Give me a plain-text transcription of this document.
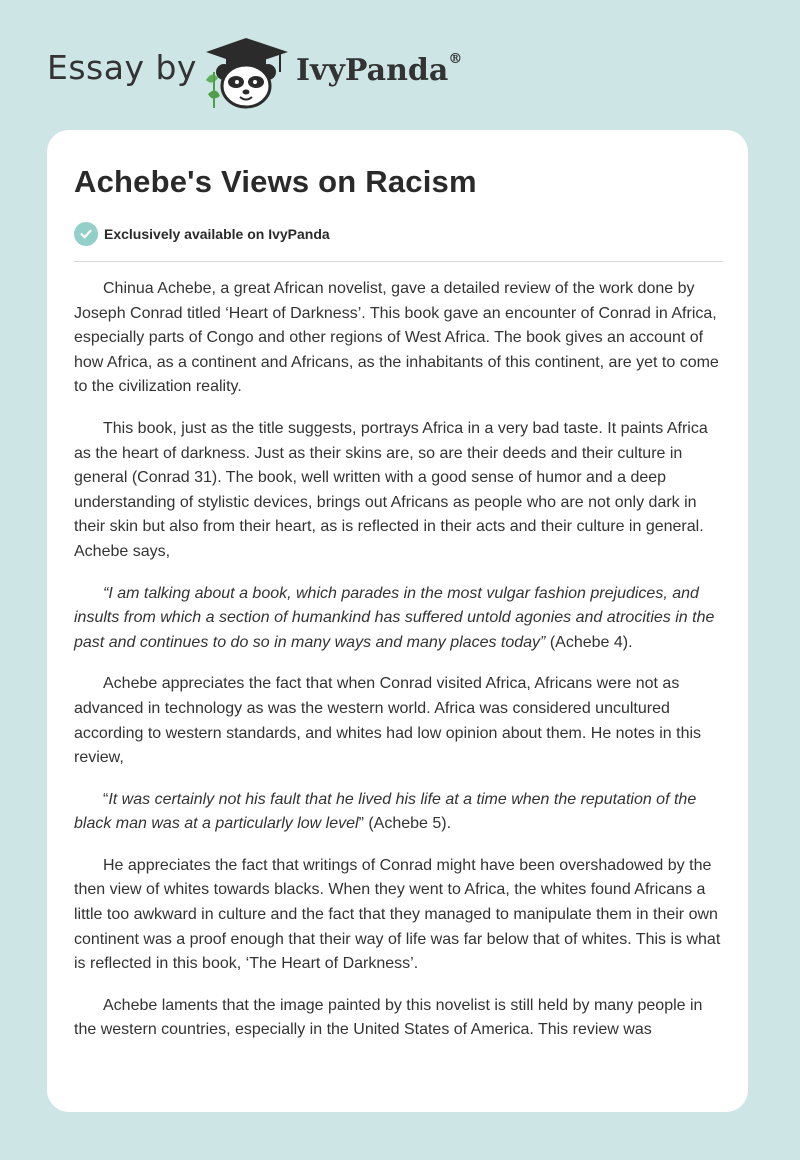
Essay by	IvyPanda®
Achebe's Views on Racism
Exclusively available on IvyPanda

Chinua Achebe, a great African novelist, gave a detailed review of the work done by Joseph Conrad titled ‘Heart of Darkness’. This book gave an encounter of Conrad in Africa, especially parts of Congo and other regions of West Africa. The book gives an account of how Africa, as a continent and Africans, as the inhabitants of this continent, are yet to come to the civilization reality.

This book, just as the title suggests, portrays Africa in a very bad taste. It paints Africa as the heart of darkness. Just as their skins are, so are their deeds and their culture in general (Conrad 31). The book, well written with a good sense of humor and a deep understanding of stylistic devices, brings out Africans as people who are not only dark in their skin but also from their heart, as is reflected in their acts and their culture in general. Achebe says,

“I am talking about a book, which parades in the most vulgar fashion prejudices, and insults from which a section of humankind has suffered untold agonies and atrocities in the past and continues to do so in many ways and many places today” (Achebe 4).

Achebe appreciates the fact that when Conrad visited Africa, Africans were not as advanced in technology as was the western world. Africa was considered uncultured according to western standards, and whites had low opinion about them. He notes in this review,

“It was certainly not his fault that he lived his life at a time when the reputation of the black man was at a particularly low level” (Achebe 5).

He appreciates the fact that writings of Conrad might have been overshadowed by the then view of whites towards blacks. When they went to Africa, the whites found Africans a little too awkward in culture and the fact that they managed to manipulate them in their own continent was a proof enough that their way of life was far below that of whites. This is what is reflected in this book, ‘The Heart of Darkness’.

Achebe laments that the image painted by this novelist is still held by many people in the western countries, especially in the United States of America. This review was
